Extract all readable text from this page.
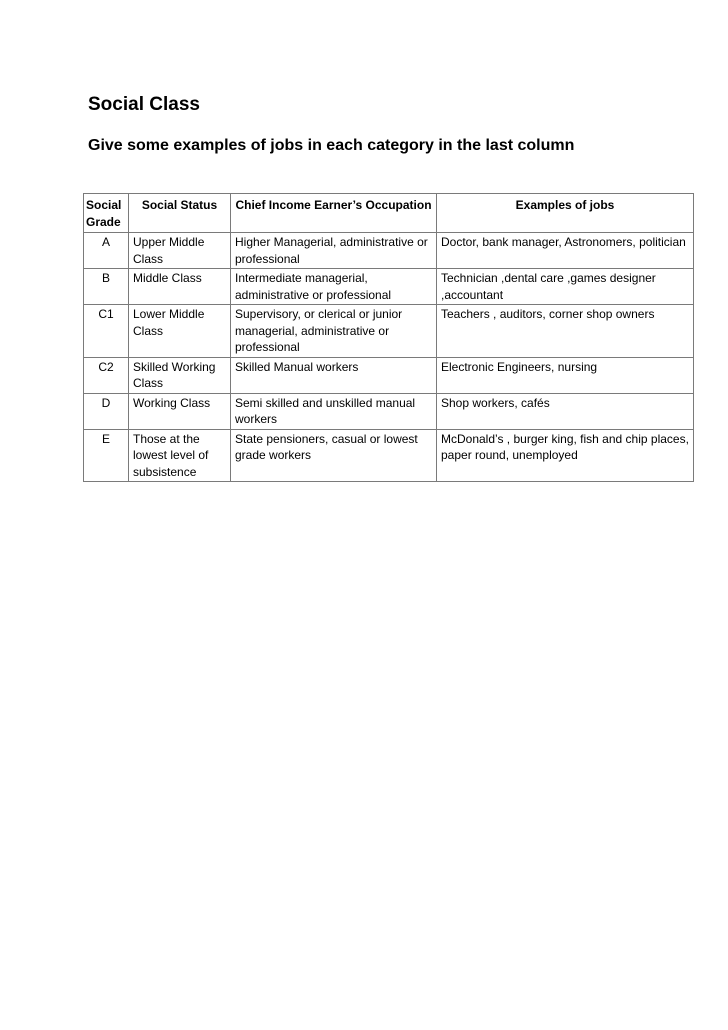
Social Class
Give some examples of jobs in each category in the last column
Social Grade	Social Status	Chief Income Earner’s Occupation	Examples of jobs
A	Upper Middle Class	Higher Managerial, administrative or professional	Doctor, bank manager, Astronomers, politician
B	Middle Class	Intermediate managerial, administrative or professional	Technician ,dental care ,games designer ,accountant
C1	Lower Middle Class	Supervisory, or clerical or junior managerial, administrative or professional	Teachers , auditors, corner shop owners
C2	Skilled Working Class	Skilled Manual workers	Electronic Engineers, nursing
D	Working Class	Semi skilled and unskilled manual workers	Shop workers, cafés
E	Those at the lowest level of subsistence	State pensioners, casual or lowest grade workers	McDonald’s , burger king, fish and chip places, paper round, unemployed
